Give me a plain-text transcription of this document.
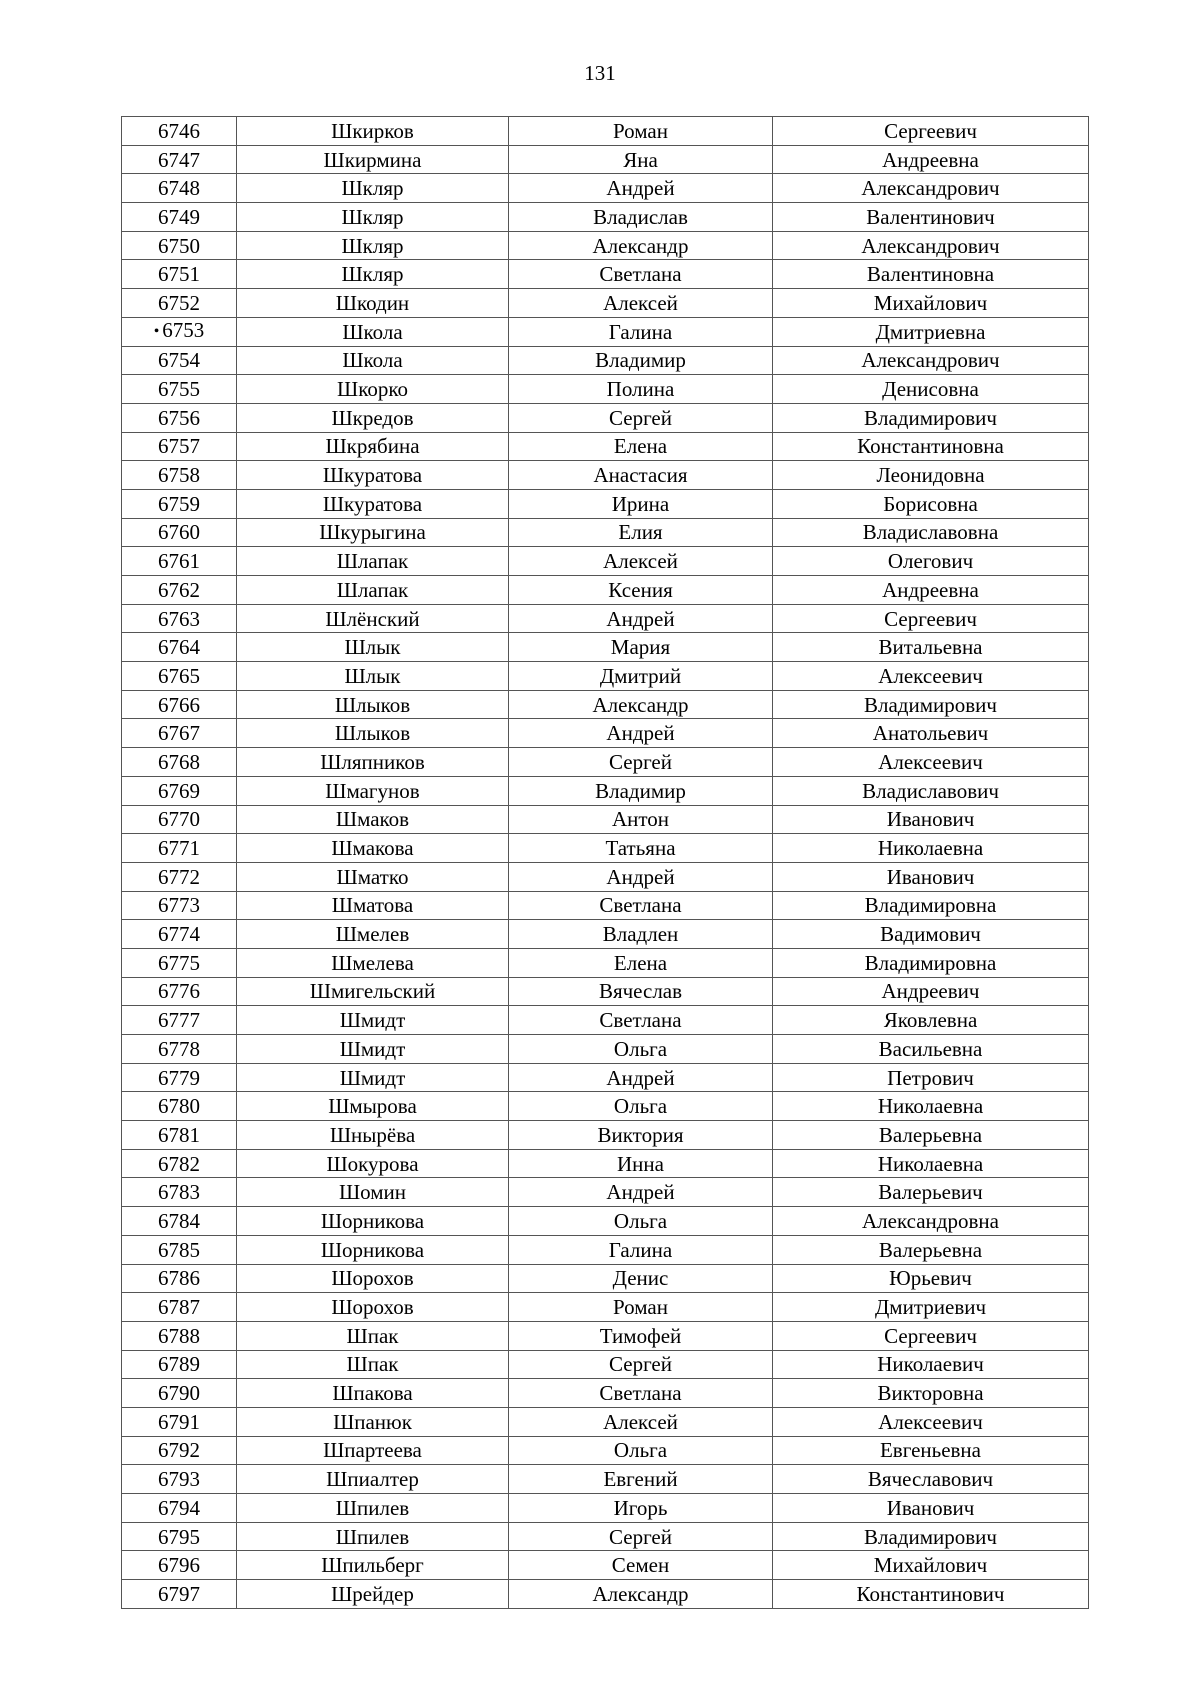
131
6746	Шкирков	Роман	Сергеевич
6747	Шкирмина	Яна	Андреевна
6748	Шкляр	Андрей	Александрович
6749	Шкляр	Владислав	Валентинович
6750	Шкляр	Александр	Александрович
6751	Шкляр	Светлана	Валентиновна
6752	Шкодин	Алексей	Михайлович
• 6753	Школа	Галина	Дмитриевна
6754	Школа	Владимир	Александрович
6755	Шкорко	Полина	Денисовна
6756	Шкредов	Сергей	Владимирович
6757	Шкрябина	Елена	Константиновна
6758	Шкуратова	Анастасия	Леонидовна
6759	Шкуратова	Ирина	Борисовна
6760	Шкурыгина	Елия	Владиславовна
6761	Шлапак	Алексей	Олегович
6762	Шлапак	Ксения	Андреевна
6763	Шлёнский	Андрей	Сергеевич
6764	Шлык	Мария	Витальевна
6765	Шлык	Дмитрий	Алексеевич
6766	Шлыков	Александр	Владимирович
6767	Шлыков	Андрей	Анатольевич
6768	Шляпников	Сергей	Алексеевич
6769	Шмагунов	Владимир	Владиславович
6770	Шмаков	Антон	Иванович
6771	Шмакова	Татьяна	Николаевна
6772	Шматко	Андрей	Иванович
6773	Шматова	Светлана	Владимировна
6774	Шмелев	Владлен	Вадимович
6775	Шмелева	Елена	Владимировна
6776	Шмигельский	Вячеслав	Андреевич
6777	Шмидт	Светлана	Яковлевна
6778	Шмидт	Ольга	Васильевна
6779	Шмидт	Андрей	Петрович
6780	Шмырова	Ольга	Николаевна
6781	Шнырёва	Виктория	Валерьевна
6782	Шокурова	Инна	Николаевна
6783	Шомин	Андрей	Валерьевич
6784	Шорникова	Ольга	Александровна
6785	Шорникова	Галина	Валерьевна
6786	Шорохов	Денис	Юрьевич
6787	Шорохов	Роман	Дмитриевич
6788	Шпак	Тимофей	Сергеевич
6789	Шпак	Сергей	Николаевич
6790	Шпакова	Светлана	Викторовна
6791	Шпанюк	Алексей	Алексеевич
6792	Шпартеева	Ольга	Евгеньевна
6793	Шпиалтер	Евгений	Вячеславович
6794	Шпилев	Игорь	Иванович
6795	Шпилев	Сергей	Владимирович
6796	Шпильберг	Семен	Михайлович
6797	Шрейдер	Александр	Константинович
